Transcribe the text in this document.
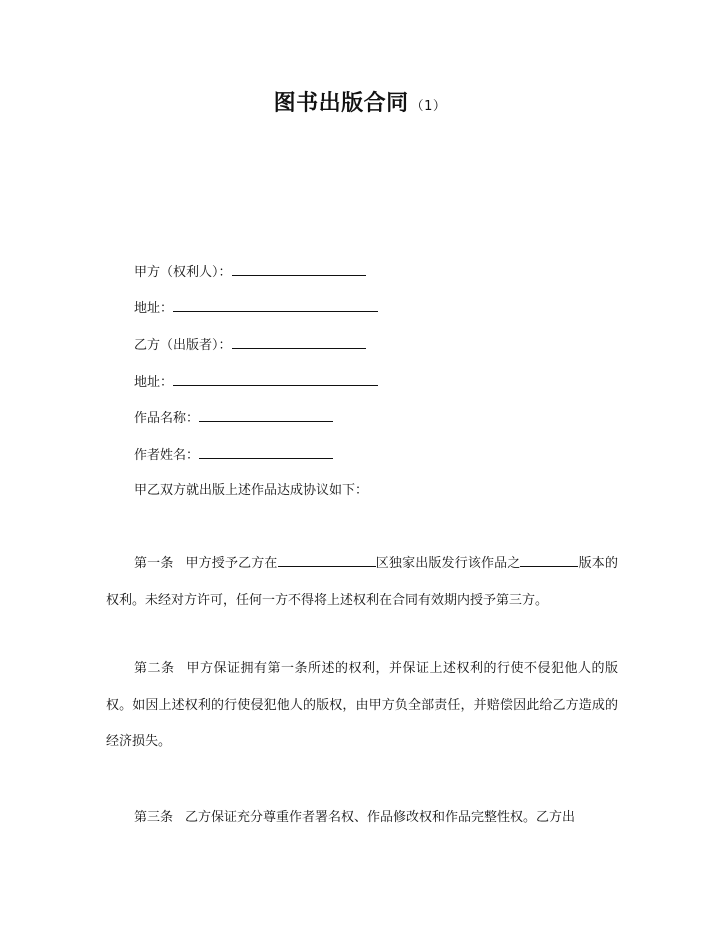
图书出版合同 （1）
甲方（权利人）：
地址：
乙方（出版者）：
地址：
作品名称：
作者姓名：
甲乙双方就出版上述作品达成协议如下：
第一条 甲方授予乙方在	区独家出版发行该作品之	版本的权利。未经对方许可，任何一方不得将上述权利在合同有效期内授予第三方。
第二条 甲方保证拥有第一条所述的权利，并保证上述权利的行使不侵犯他人的版权。如因上述权利的行使侵犯他人的版权，由甲方负全部责任，并赔偿因此给乙方造成的经济损失。
第三条 乙方保证充分尊重作者署名权、作品修改权和作品完整性权。乙方出
